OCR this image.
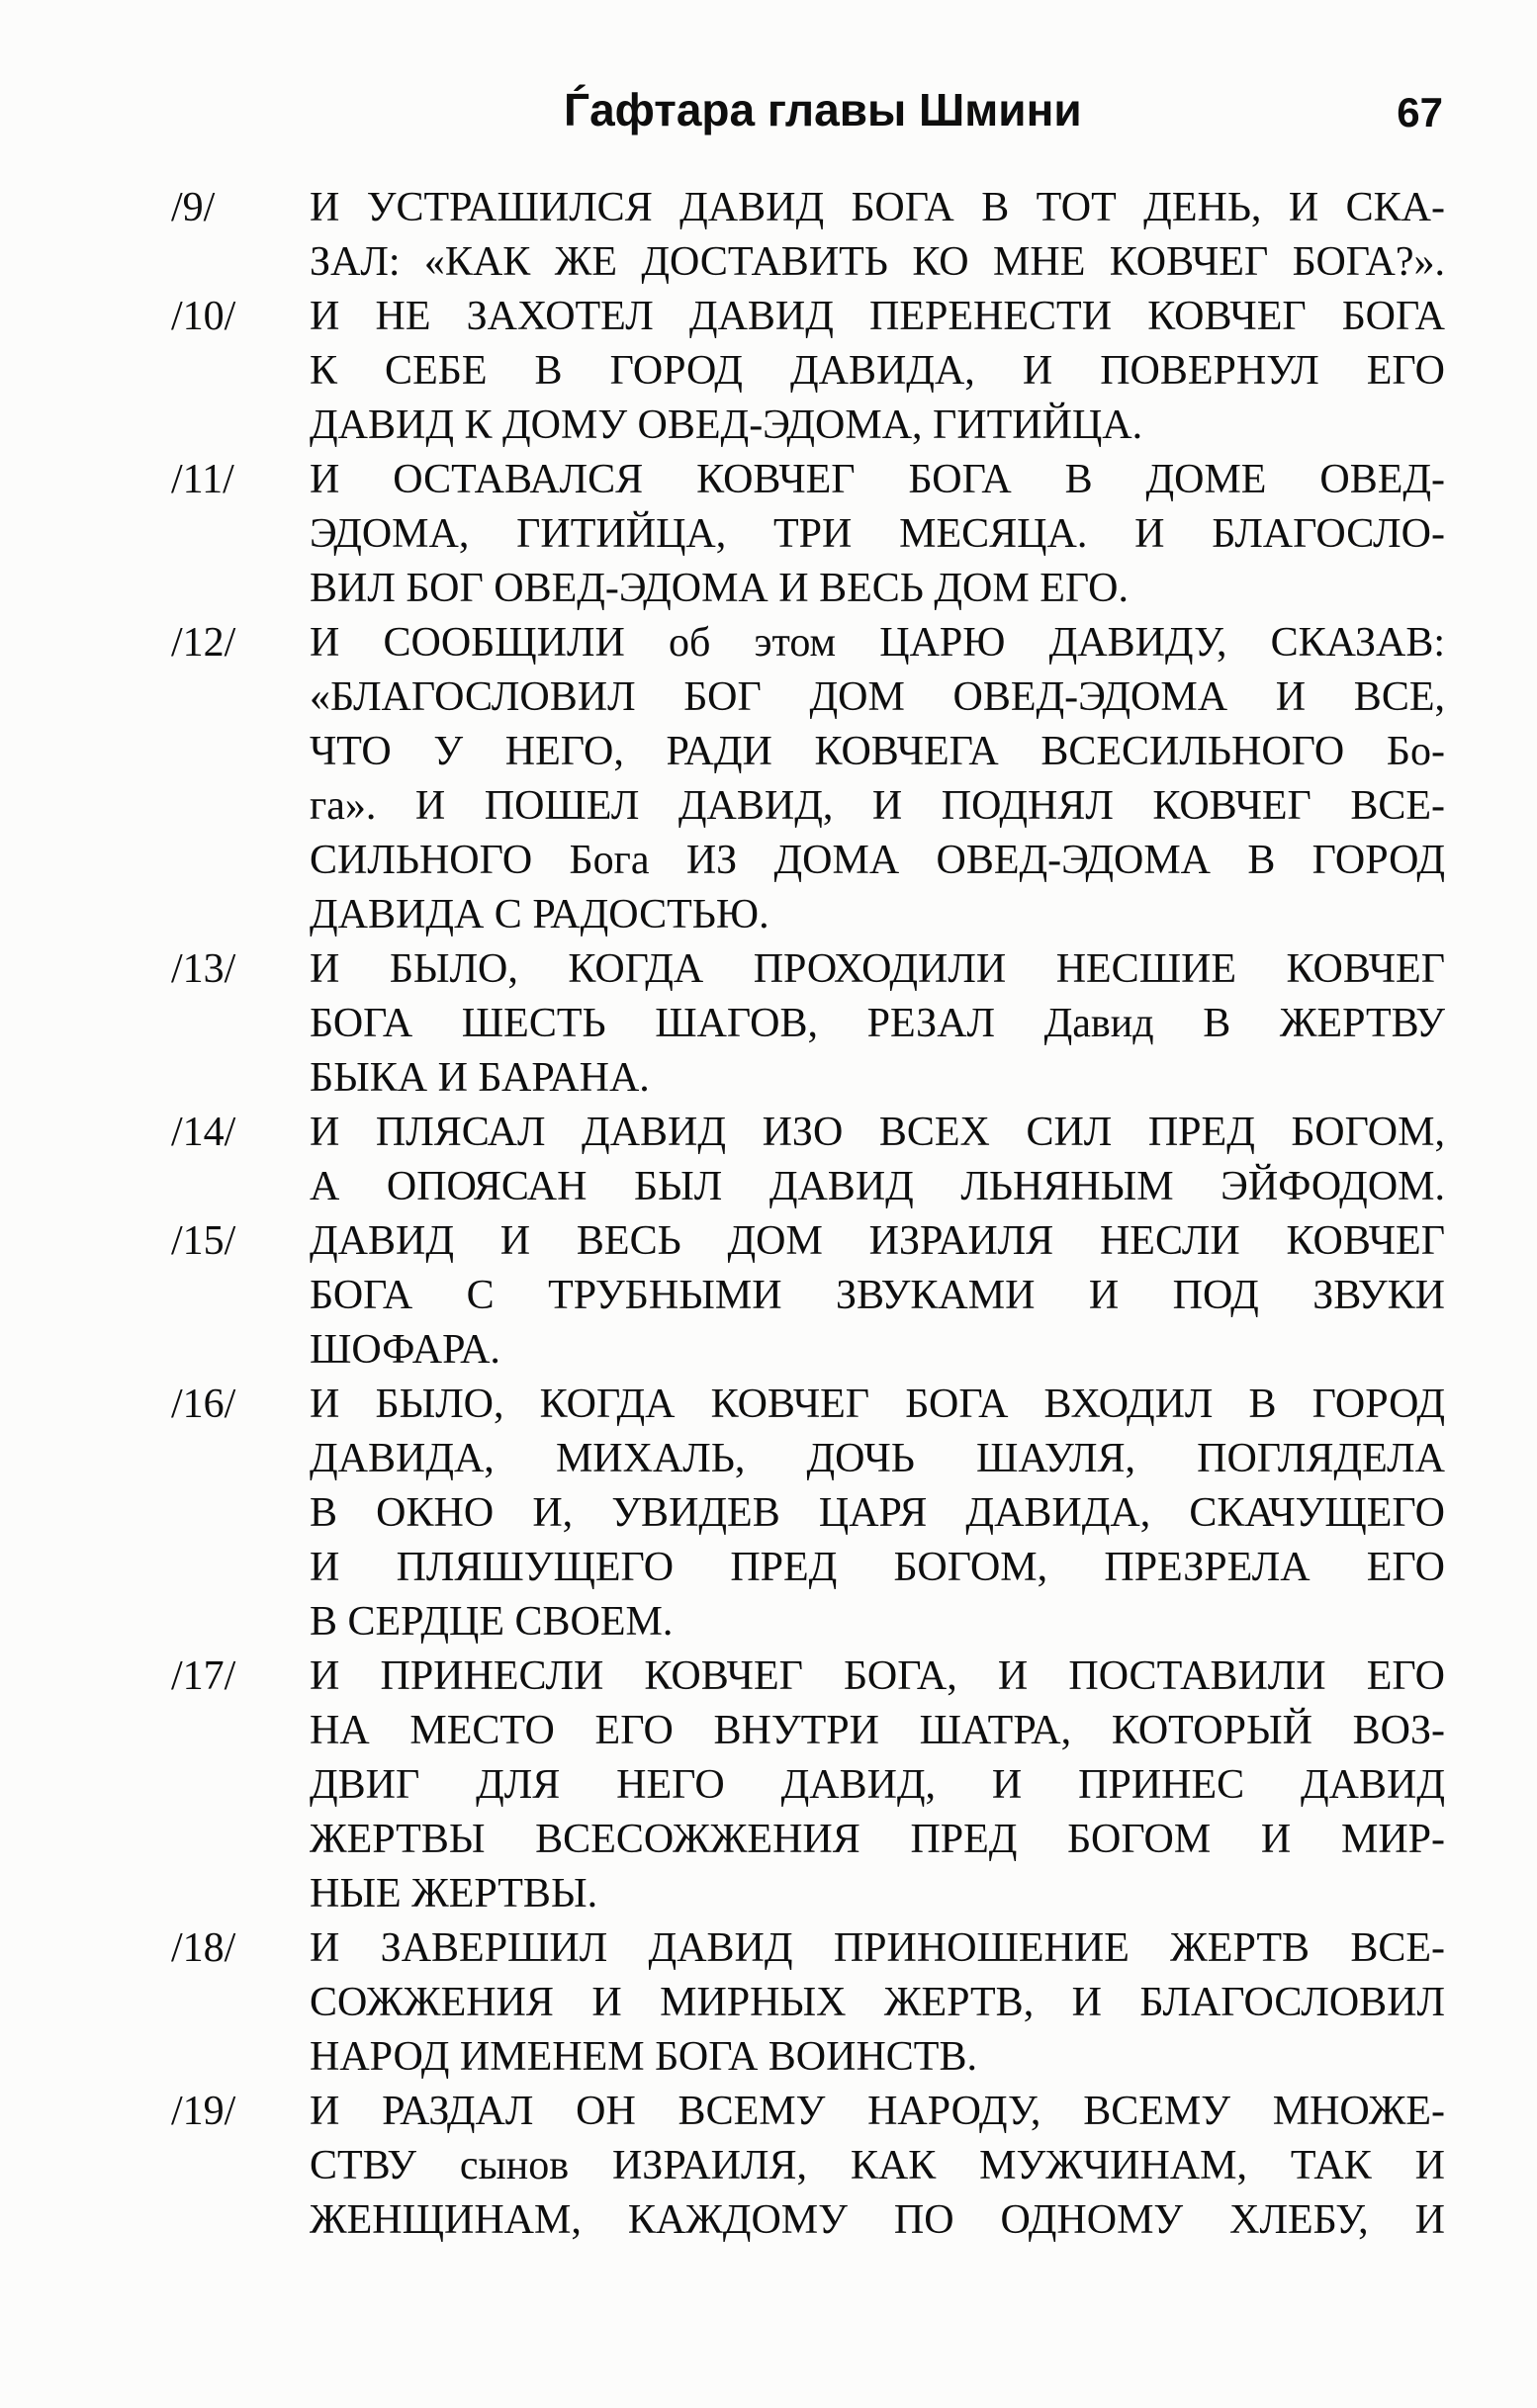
Ѓафтара главы Шмини	67
/9/ И УСТРАШИЛСЯ ДАВИД БОГА В ТОТ ДЕНЬ, И СКА-
ЗАЛ: «КАК ЖЕ ДОСТАВИТЬ КО МНЕ КОВЧЕГ БОГА?».
/10/ И НЕ ЗАХОТЕЛ ДАВИД ПЕРЕНЕСТИ КОВЧЕГ БОГА
К СЕБЕ В ГОРОД ДАВИДА, И ПОВЕРНУЛ ЕГО
ДАВИД К ДОМУ ОВЕД-ЭДОМА, ГИТИЙЦА.
/11/ И ОСТАВАЛСЯ КОВЧЕГ БОГА В ДОМЕ ОВЕД-
ЭДОМА, ГИТИЙЦА, ТРИ МЕСЯЦА. И БЛАГОСЛО-
ВИЛ БОГ ОВЕД-ЭДОМА И ВЕСЬ ДОМ ЕГО.
/12/ И СООБЩИЛИ об этом ЦАРЮ ДАВИДУ, СКАЗАВ:
«БЛАГОСЛОВИЛ БОГ ДОМ ОВЕД-ЭДОМА И ВСЕ,
ЧТО У НЕГО, РАДИ КОВЧЕГА ВСЕСИЛЬНОГО Бо-
га». И ПОШЕЛ ДАВИД, И ПОДНЯЛ КОВЧЕГ ВСЕ-
СИЛЬНОГО Бога ИЗ ДОМА ОВЕД-ЭДОМА В ГОРОД
ДАВИДА С РАДОСТЬЮ.
/13/ И БЫЛО, КОГДА ПРОХОДИЛИ НЕСШИЕ КОВЧЕГ
БОГА ШЕСТЬ ШАГОВ, РЕЗАЛ Давид В ЖЕРТВУ
БЫКА И БАРАНА.
/14/ И ПЛЯСАЛ ДАВИД ИЗО ВСЕХ СИЛ ПРЕД БОГОМ,
А ОПОЯСАН БЫЛ ДАВИД ЛЬНЯНЫМ ЭЙФОДОМ.
/15/ ДАВИД И ВЕСЬ ДОМ ИЗРАИЛЯ НЕСЛИ КОВЧЕГ
БОГА С ТРУБНЫМИ ЗВУКАМИ И ПОД ЗВУКИ
ШОФАРА.
/16/ И БЫЛО, КОГДА КОВЧЕГ БОГА ВХОДИЛ В ГОРОД
ДАВИДА, МИХАЛЬ, ДОЧЬ ШАУЛЯ, ПОГЛЯДЕЛА
В ОКНО И, УВИДЕВ ЦАРЯ ДАВИДА, СКАЧУЩЕГО
И ПЛЯШУЩЕГО ПРЕД БОГОМ, ПРЕЗРЕЛА ЕГО
В СЕРДЦЕ СВОЕМ.
/17/ И ПРИНЕСЛИ КОВЧЕГ БОГА, И ПОСТАВИЛИ ЕГО
НА МЕСТО ЕГО ВНУТРИ ШАТРА, КОТОРЫЙ ВОЗ-
ДВИГ ДЛЯ НЕГО ДАВИД, И ПРИНЕС ДАВИД
ЖЕРТВЫ ВСЕСОЖЖЕНИЯ ПРЕД БОГОМ И МИР-
НЫЕ ЖЕРТВЫ.
/18/ И ЗАВЕРШИЛ ДАВИД ПРИНОШЕНИЕ ЖЕРТВ ВСЕ-
СОЖЖЕНИЯ И МИРНЫХ ЖЕРТВ, И БЛАГОСЛОВИЛ
НАРОД ИМЕНЕМ БОГА ВОИНСТВ.
/19/ И РАЗДАЛ ОН ВСЕМУ НАРОДУ, ВСЕМУ МНОЖЕ-
СТВУ сынов ИЗРАИЛЯ, КАК МУЖЧИНАМ, ТАК И
ЖЕНЩИНАМ, КАЖДОМУ ПО ОДНОМУ ХЛЕБУ, И
